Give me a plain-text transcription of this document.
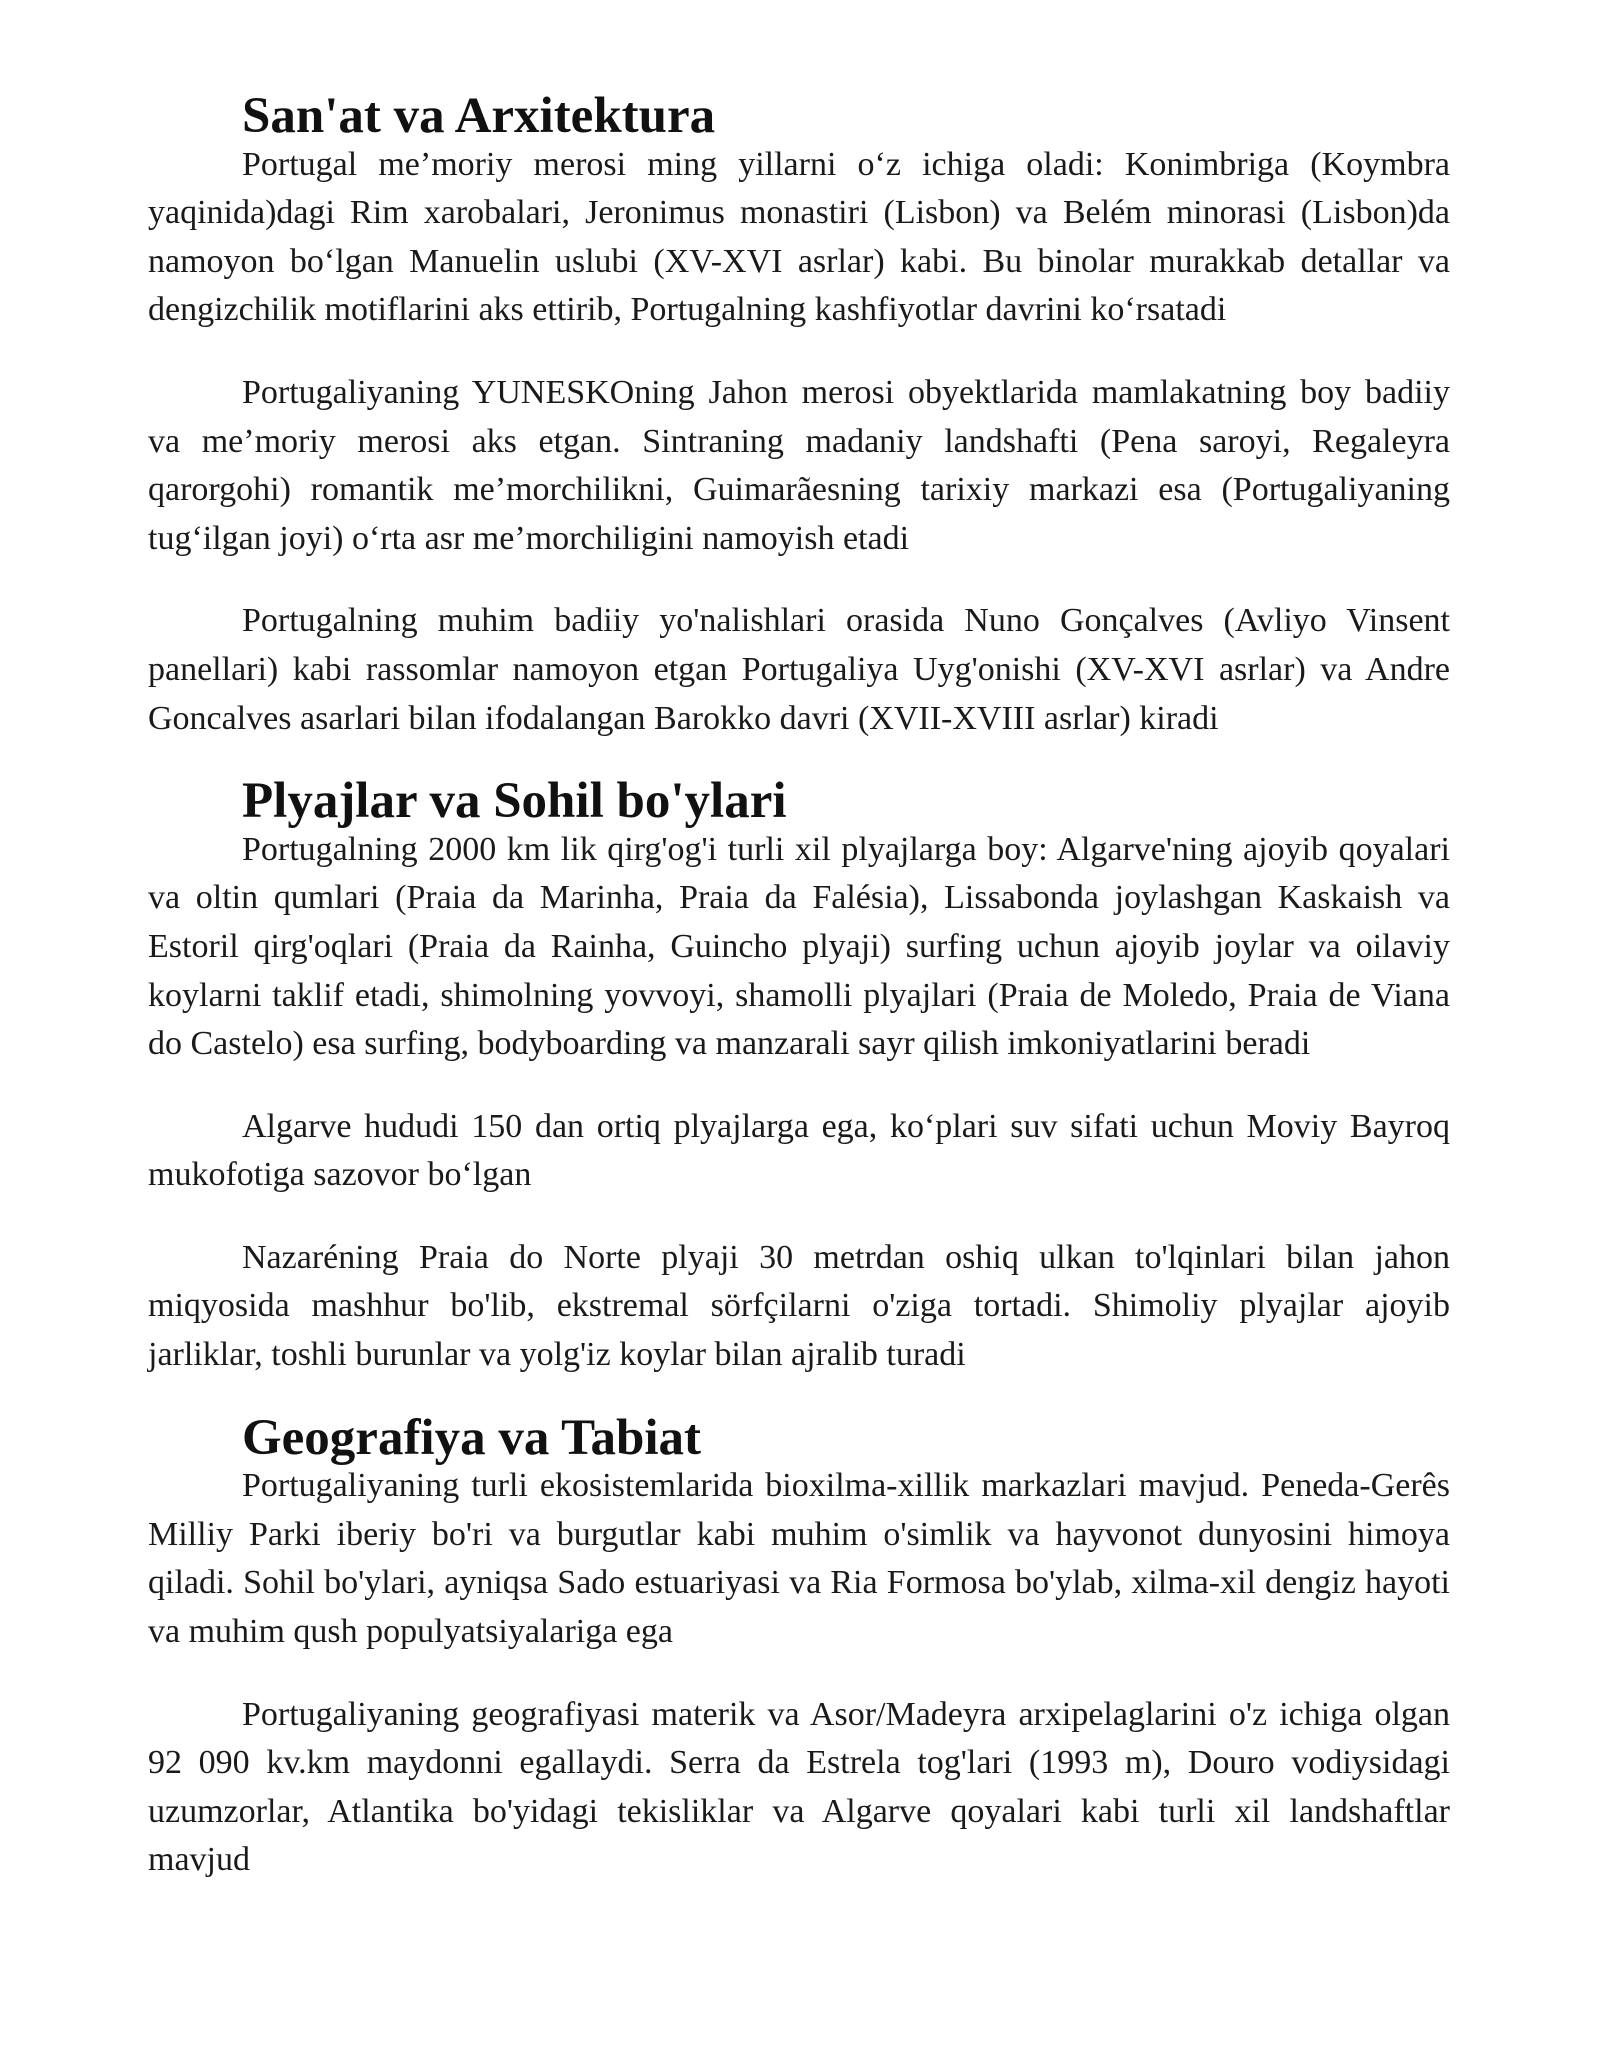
San'at va Arxitektura

Portugal me’moriy merosi ming yillarni o‘z ichiga oladi: Konimbriga (Koymbra yaqinida)dagi Rim xarobalari, Jeronimus monastiri (Lisbon) va Belém minorasi (Lisbon)da namoyon bo‘lgan Manuelin uslubi (XV-XVI asrlar) kabi. Bu binolar murakkab detallar va dengizchilik motiflarini aks ettirib, Portugalning kashfiyotlar davrini ko‘rsatadi

Portugaliyaning YUNESKOning Jahon merosi obyektlarida mamlakatning boy badiiy va me’moriy merosi aks etgan. Sintraning madaniy landshafti (Pena saroyi, Regaleyra qarorgohi) romantik me’morchilikni, Guimarãesning tarixiy markazi esa (Portugaliyaning tug‘ilgan joyi) o‘rta asr me’morchiligini namoyish etadi

Portugalning muhim badiiy yo'nalishlari orasida Nuno Gonçalves (Avliyo Vinsent panellari) kabi rassomlar namoyon etgan Portugaliya Uyg'onishi (XV-XVI asrlar) va Andre Goncalves asarlari bilan ifodalangan Barokko davri (XVII-XVIII asrlar) kiradi

Plyajlar va Sohil bo'ylari

Portugalning 2000 km lik qirg'og'i turli xil plyajlarga boy: Algarve'ning ajoyib qoyalari va oltin qumlari (Praia da Marinha, Praia da Falésia), Lissabonda joylashgan Kaskaish va Estoril qirg'oqlari (Praia da Rainha, Guincho plyaji) surfing uchun ajoyib joylar va oilaviy koylarni taklif etadi, shimolning yovvoyi, shamolli plyajlari (Praia de Moledo, Praia de Viana do Castelo) esa surfing, bodyboarding va manzarali sayr qilish imkoniyatlarini beradi

Algarve hududi 150 dan ortiq plyajlarga ega, ko‘plari suv sifati uchun Moviy Bayroq mukofotiga sazovor bo‘lgan

Nazaréning Praia do Norte plyaji 30 metrdan oshiq ulkan to'lqinlari bilan jahon miqyosida mashhur bo'lib, ekstremal sörfçilarni o'ziga tortadi. Shimoliy plyajlar ajoyib jarliklar, toshli burunlar va yolg'iz koylar bilan ajralib turadi

Geografiya va Tabiat

Portugaliyaning turli ekosistemlarida bioxilma-xillik markazlari mavjud. Peneda-Gerês Milliy Parki iberiy bo'ri va burgutlar kabi muhim o'simlik va hayvonot dunyosini himoya qiladi. Sohil bo'ylari, ayniqsa Sado estuariyasi va Ria Formosa bo'ylab, xilma-xil dengiz hayoti va muhim qush populyatsiyalariga ega

Portugaliyaning geografiyasi materik va Asor/Madeyra arxipelaglarini o'z ichiga olgan 92 090 kv.km maydonni egallaydi. Serra da Estrela tog'lari (1993 m), Douro vodiysidagi uzumzorlar, Atlantika bo'yidagi tekisliklar va Algarve qoyalari kabi turli xil landshaftlar mavjud
